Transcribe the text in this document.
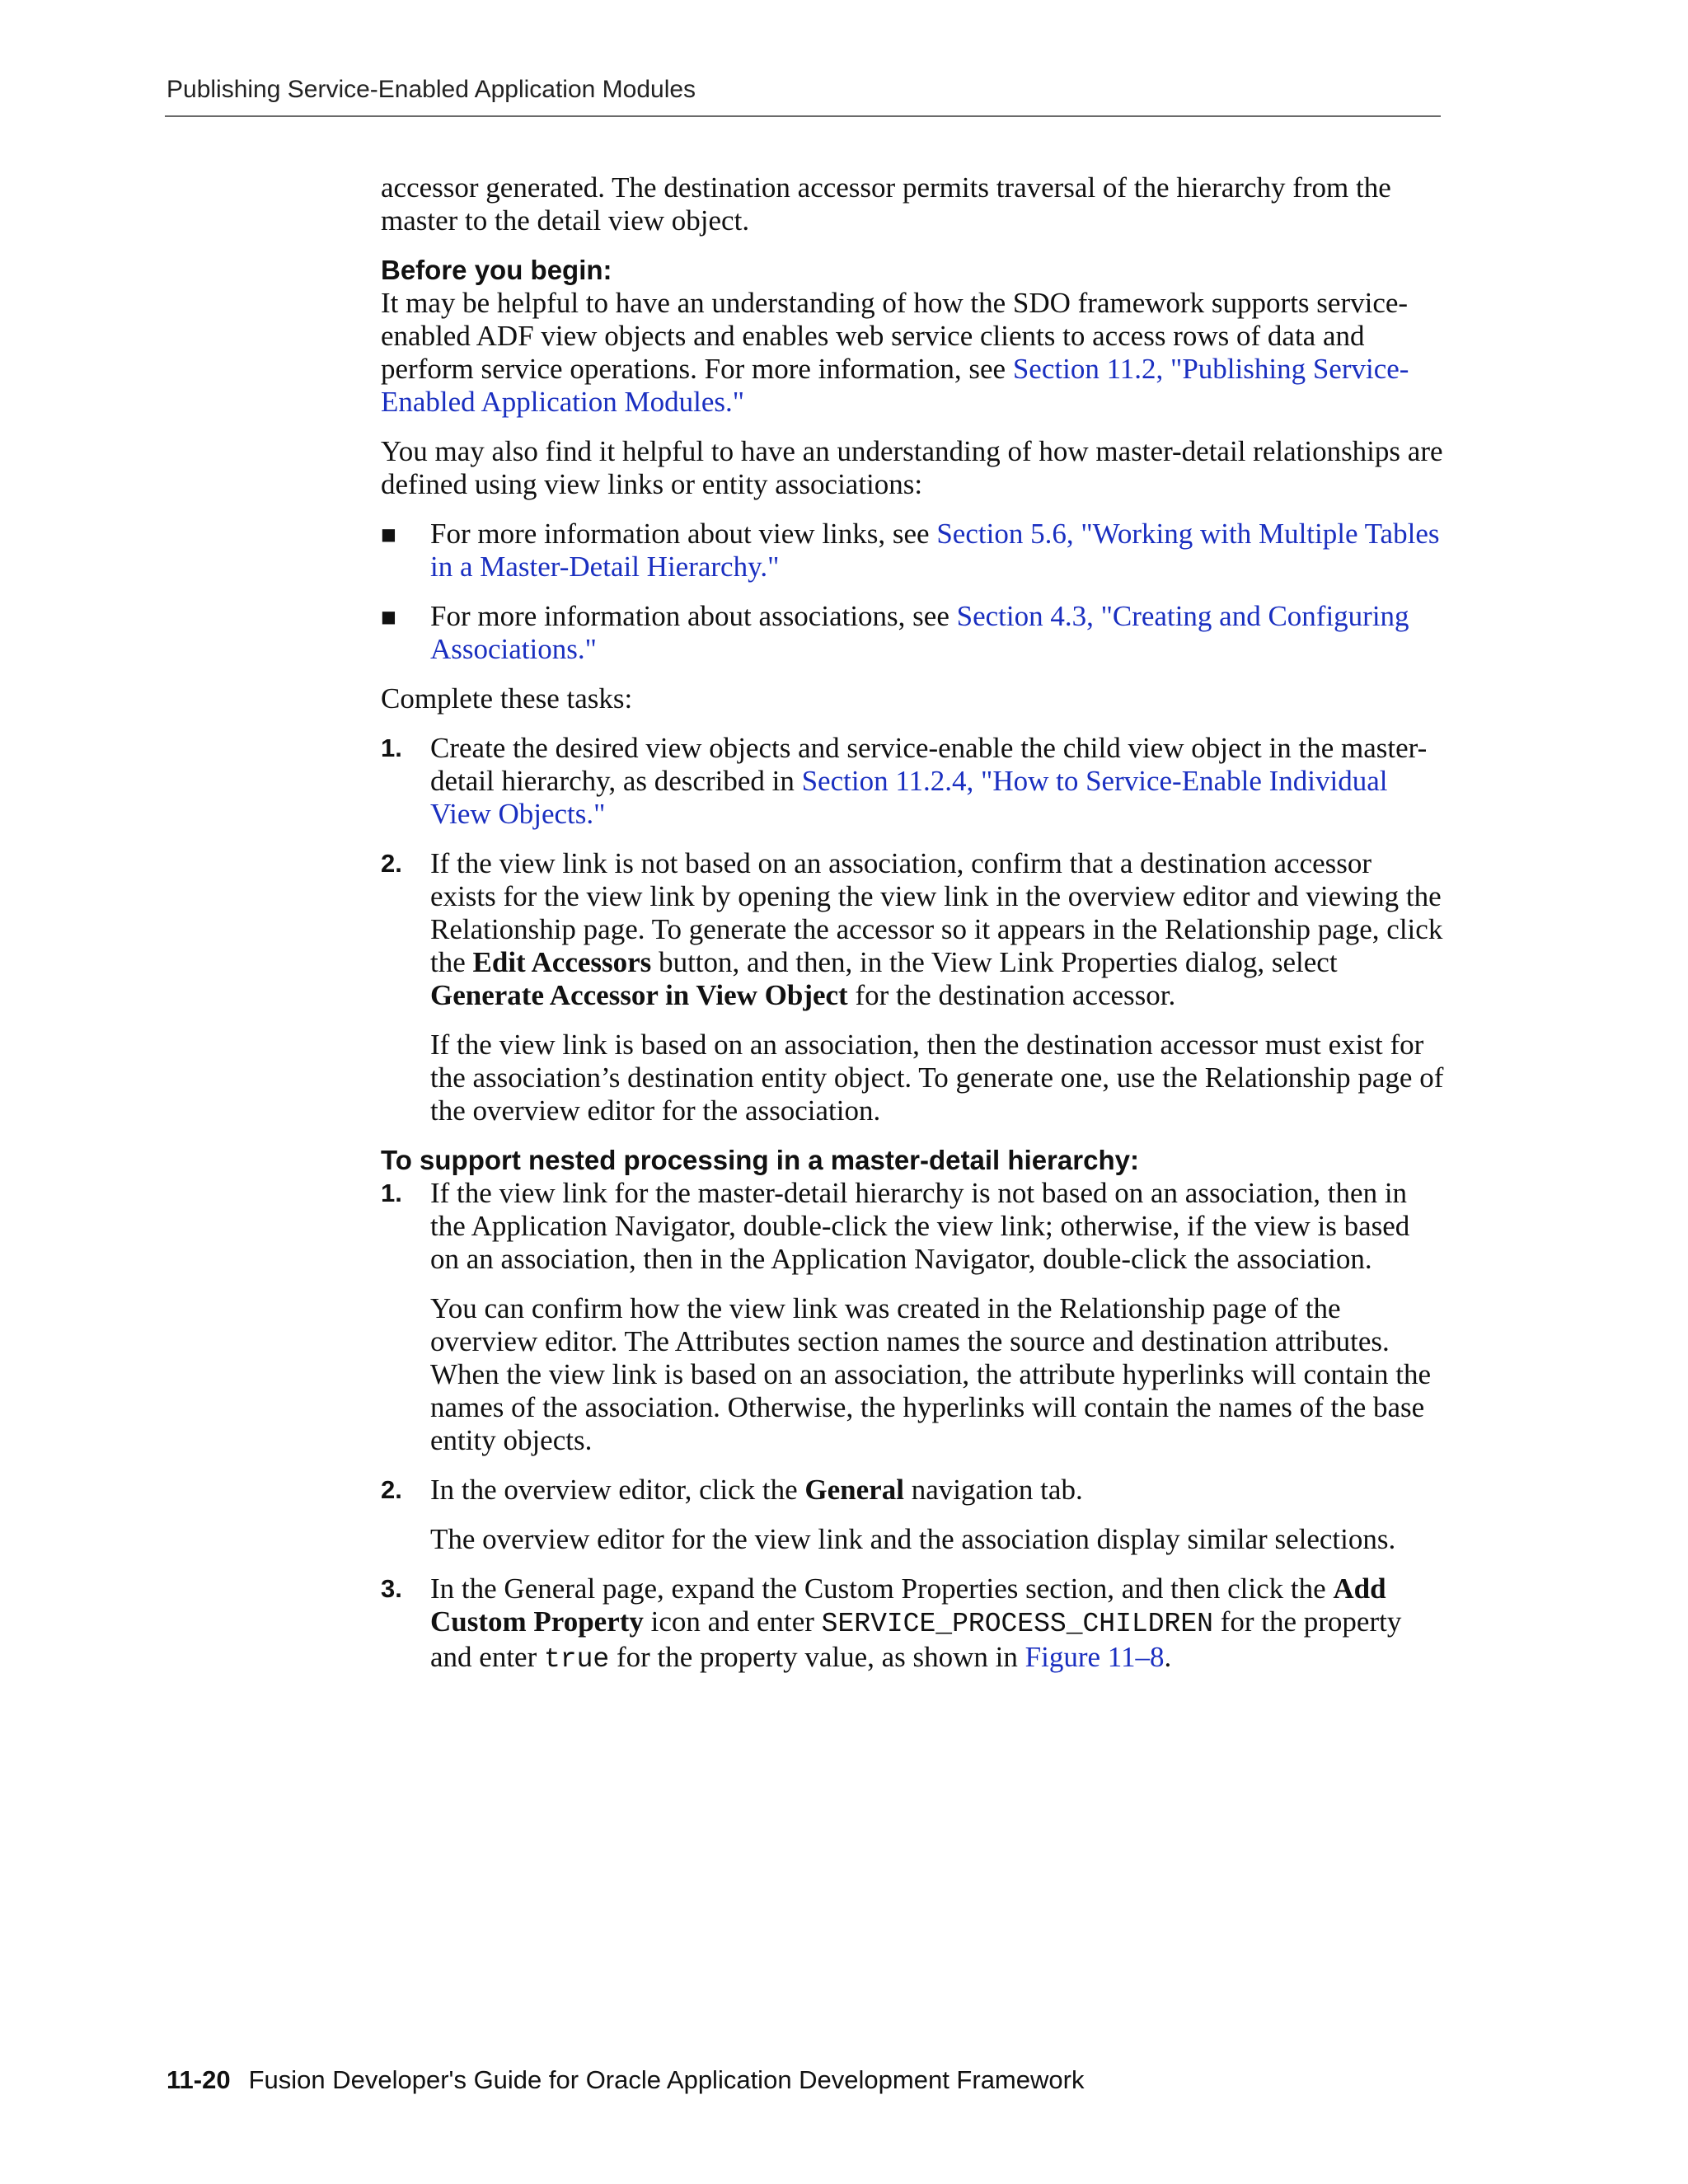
Publishing Service-Enabled Application Modules

accessor generated. The destination accessor permits traversal of the hierarchy from the master to the detail view object.

Before you begin:

It may be helpful to have an understanding of how the SDO framework supports service-enabled ADF view objects and enables web service clients to access rows of data and perform service operations. For more information, see Section 11.2, "Publishing Service-Enabled Application Modules."

You may also find it helpful to have an understanding of how master-detail relationships are defined using view links or entity associations:

■	For more information about view links, see Section 5.6, "Working with Multiple Tables in a Master-Detail Hierarchy."

■	For more information about associations, see Section 4.3, "Creating and Configuring Associations."

Complete these tasks:

1. Create the desired view objects and service-enable the child view object in the master-detail hierarchy, as described in Section 11.2.4, "How to Service-Enable Individual View Objects."

2. If the view link is not based on an association, confirm that a destination accessor exists for the view link by opening the view link in the overview editor and viewing the Relationship page. To generate the accessor so it appears in the Relationship page, click the Edit Accessors button, and then, in the View Link Properties dialog, select Generate Accessor in View Object for the destination accessor.

If the view link is based on an association, then the destination accessor must exist for the association’s destination entity object. To generate one, use the Relationship page of the overview editor for the association.

To support nested processing in a master-detail hierarchy:

1. If the view link for the master-detail hierarchy is not based on an association, then in the Application Navigator, double-click the view link; otherwise, if the view is based on an association, then in the Application Navigator, double-click the association.

You can confirm how the view link was created in the Relationship page of the overview editor. The Attributes section names the source and destination attributes. When the view link is based on an association, the attribute hyperlinks will contain the names of the association. Otherwise, the hyperlinks will contain the names of the base entity objects.

2. In the overview editor, click the General navigation tab.

The overview editor for the view link and the association display similar selections.

3. In the General page, expand the Custom Properties section, and then click the Add Custom Property icon and enter SERVICE_PROCESS_CHILDREN for the property and enter true for the property value, as shown in Figure 11–8.

11-20 Fusion Developer's Guide for Oracle Application Development Framework
